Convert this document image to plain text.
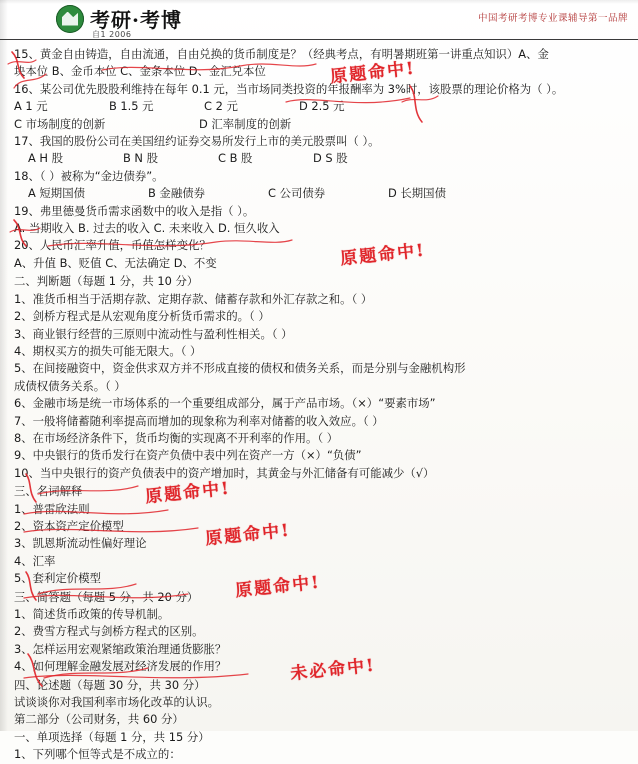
考研·考博
自1 2006
中国考研考博专业课辅导第一品牌
15、黄金自由铸造，自由流通，自由兑换的货币制度是？（经典考点，有明暑期班第一讲重点知识）A、金
块本位 B、金币本位 C、金条本位 D、金汇兑本位
16、某公司优先股股利维持在每年 0.1 元，当市场同类投资的年报酬率为 3%时，该股票的理论价格为（ ）。
A 1 元	B 1.5 元	C 2 元	D 2.5 元
C 市场制度的创新	D 汇率制度的创新
17、我国的股份公司在美国纽约证券交易所发行上市的美元股票叫（ ）。
A H 股	B N 股	C B 股	D S 股
18、（ ）被称为“金边债券”。
A 短期国债	B 金融债券	C 公司债券	D 长期国债
19、弗里德曼货币需求函数中的收入是指（ ）。
A. 当期收入 B. 过去的收入 C. 未来收入 D. 恒久收入
20、人民币汇率升值，币值怎样变化？
A、升值 B、贬值 C、无法确定 D、不变
二、判断题（每题 1 分，共 10 分）
1、准货币相当于活期存款、定期存款、储蓄存款和外汇存款之和。（ ）
2、剑桥方程式是从宏观角度分析货币需求的。（ ）
3、商业银行经营的三原则中流动性与盈利性相关。（ ）
4、期权买方的损失可能无限大。（ ）
5、在间接融资中，资金供求双方并不形成直接的债权和债务关系，而是分别与金融机构形
成债权债务关系。（ ）
6、金融市场是统一市场体系的一个重要组成部分，属于产品市场。（×）“要素市场”
7、一般将储蓄随利率提高而增加的现象称为利率对储蓄的收入效应。（ ）
8、在市场经济条件下，货币均衡的实现离不开利率的作用。（ ）
9、中央银行的货币发行在资产负债中表中列在资产一方（×）“负债”
10、当中央银行的资产负债表中的资产增加时，其黄金与外汇储备有可能减少（√）
三、名词解释
1、普雷欣法则
2、资本资产定价模型
3、凯恩斯流动性偏好理论
4、汇率
5、套利定价模型
三、简答题（每题 5 分，共 20 分）
1、简述货币政策的传导机制。
2、费雪方程式与剑桥方程式的区别。
3、怎样运用宏观紧缩政策治理通货膨胀？
4、如何理解金融发展对经济发展的作用？
四、论述题（每题 30 分，共 30 分）
试谈谈你对我国利率市场化改革的认识。
第二部分（公司财务，共 60 分）
一、单项选择（每题 1 分，共 15 分）
1、下列哪个恒等式是不成立的：
原题命中!
原题命中!
原题命中!
原题命中!
原题命中!
未必命中!
